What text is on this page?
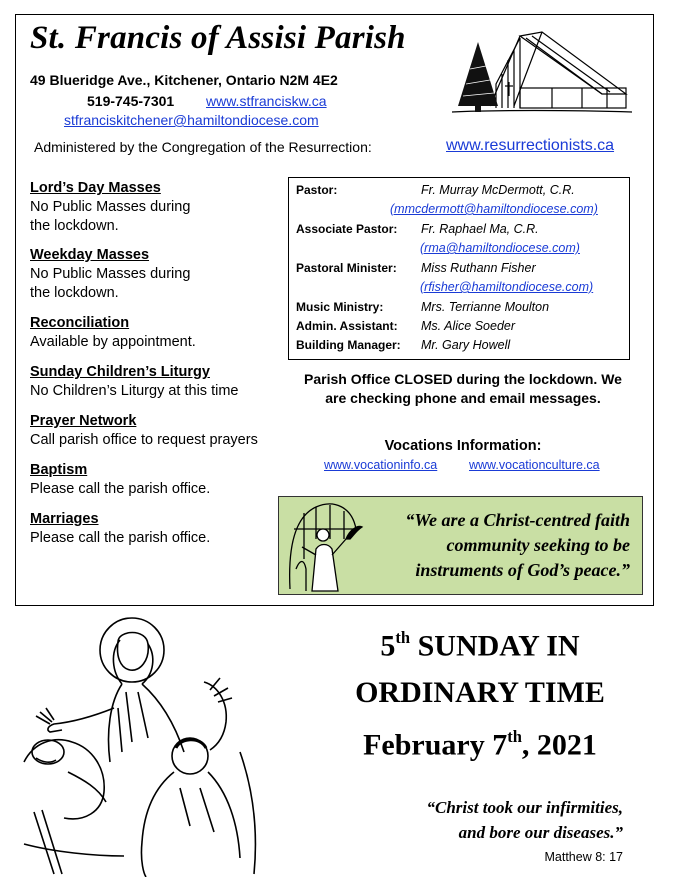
St. Francis of Assisi Parish
49 Blueridge Ave., Kitchener, Ontario N2M 4E2
519-745-7301 www.stfranciskw.ca
stfranciskitchener@hamiltondiocese.com
Administered by the Congregation of the Resurrection:	www.resurrectionists.ca
Lord’s Day Masses
No Public Masses during
the lockdown.
Weekday Masses
No Public Masses during
the lockdown.
Reconciliation
Available by appointment.
Sunday Children’s Liturgy
No Children’s Liturgy at this time
Prayer Network
Call parish office to request prayers
Baptism
Please call the parish office.
Marriages
Please call the parish office.
Pastor:	Fr. Murray McDermott, C.R.
(mmcdermott@hamiltondiocese.com)
Associate Pastor: Fr. Raphael Ma, C.R.
(rma@hamiltondiocese.com)
Pastoral Minister: Miss Ruthann Fisher
(rfisher@hamiltondiocese.com)
Music Ministry:	Mrs. Terrianne Moulton
Admin. Assistant: Ms. Alice Soeder
Building Manager: Mr. Gary Howell
Parish Office CLOSED during the lockdown. We are checking phone and email messages.
Vocations Information:
www.vocationinfo.ca	www.vocationculture.ca
“We are a Christ-centred faith
community seeking to be
instruments of God’s peace.”
5th SUNDAY IN
ORDINARY TIME
February 7th, 2021
“Christ took our infirmities,
and bore our diseases.”
Matthew 8: 17
